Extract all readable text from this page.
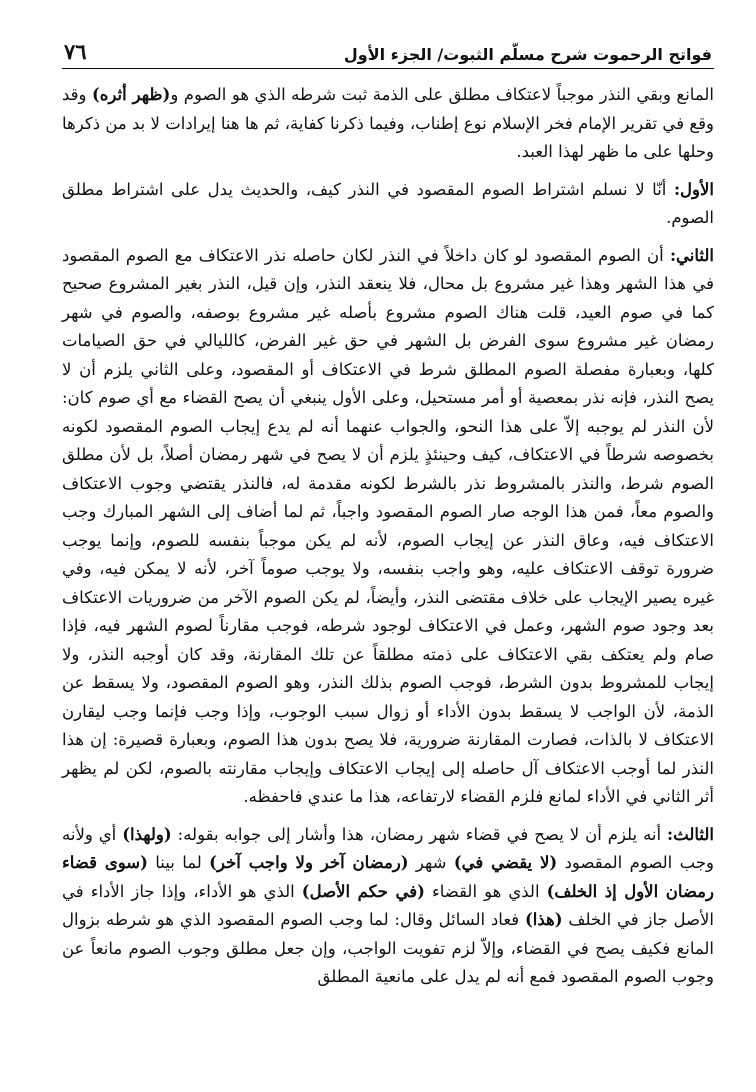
٧٦	فواتح الرحموت شرح مسلّم الثبوت/ الجزء الأول

المانع وبقي النذر موجباً لاعتكاف مطلق على الذمة ثبت شرطه الذي هو الصوم و(ظهر أثره) وقد وقع في تقرير الإمام فخر الإسلام نوع إطناب، وفيما ذكرنا كفاية، ثم ها هنا إيرادات لا بد من ذكرها وحلها على ما ظهر لهذا العبد.

الأول: أنّا لا نسلم اشتراط الصوم المقصود في النذر كيف، والحديث يدل على اشتراط مطلق الصوم.

الثاني: أن الصوم المقصود لو كان داخلاً في النذر لكان حاصله نذر الاعتكاف مع الصوم المقصود في هذا الشهر وهذا غير مشروع بل محال، فلا ينعقد النذر، وإن قيل، النذر بغير المشروع صحيح كما في صوم العيد، قلت هناك الصوم مشروع بأصله غير مشروع بوصفه، والصوم في شهر رمضان غير مشروع سوى الفرض بل الشهر في حق غير الفرض، كالليالي في حق الصيامات كلها، وبعبارة مفصلة الصوم المطلق شرط في الاعتكاف أو المقصود، وعلى الثاني يلزم أن لا يصح النذر، فإنه نذر بمعصية أو أمر مستحيل، وعلى الأول ينبغي أن يصح القضاء مع أي صوم كان: لأن النذر لم يوجبه إلاّ على هذا النحو، والجواب عنهما أنه لم يدع إيجاب الصوم المقصود لكونه بخصوصه شرطاً في الاعتكاف، كيف وحينئذٍ يلزم أن لا يصح في شهر رمضان أصلاً، بل لأن مطلق الصوم شرط، والنذر بالمشروط نذر بالشرط لكونه مقدمة له، فالنذر يقتضي وجوب الاعتكاف والصوم معاً، فمن هذا الوجه صار الصوم المقصود واجباً، ثم لما أضاف إلى الشهر المبارك وجب الاعتكاف فيه، وعاق النذر عن إيجاب الصوم، لأنه لم يكن موجباً بنفسه للصوم، وإنما يوجب ضرورة توقف الاعتكاف عليه، وهو واجب بنفسه، ولا يوجب صوماً آخر، لأنه لا يمكن فيه، وفي غيره يصير الإيجاب على خلاف مقتضى النذر، وأيضاً، لم يكن الصوم الآخر من ضروريات الاعتكاف بعد وجود صوم الشهر، وعمل في الاعتكاف لوجود شرطه، فوجب مقارناً لصوم الشهر فيه، فإذا صام ولم يعتكف بقي الاعتكاف على ذمته مطلقاً عن تلك المقارنة، وقد كان أوجبه النذر، ولا إيجاب للمشروط بدون الشرط، فوجب الصوم بذلك النذر، وهو الصوم المقصود، ولا يسقط عن الذمة، لأن الواجب لا يسقط بدون الأداء أو زوال سبب الوجوب، وإذا وجب فإنما وجب ليقارن الاعتكاف لا بالذات، فصارت المقارنة ضرورية، فلا يصح بدون هذا الصوم، وبعبارة قصيرة: إن هذا النذر لما أوجب الاعتكاف آل حاصله إلى إيجاب الاعتكاف وإيجاب مقارنته بالصوم، لكن لم يظهر أثر الثاني في الأداء لمانع فلزم القضاء لارتفاعه، هذا ما عندي فاحفظه.

الثالث: أنه يلزم أن لا يصح في قضاء شهر رمضان، هذا وأشار إلى جوابه بقوله: (ولهذا) أي ولأنه وجب الصوم المقصود (لا يقضي في) شهر (رمضان آخر ولا واجب آخر) لما بينا (سوى قضاء رمضان الأول إذ الخلف) الذي هو القضاء (في حكم الأصل) الذي هو الأداء، وإذا جاز الأداء في الأصل جاز في الخلف (هذا) فعاد السائل وقال: لما وجب الصوم المقصود الذي هو شرطه بزوال المانع فكيف يصح في القضاء، وإلاّ لزم تفويت الواجب، وإن جعل مطلق وجوب الصوم مانعاً عن وجوب الصوم المقصود فمع أنه لم يدل على مانعية المطلق
